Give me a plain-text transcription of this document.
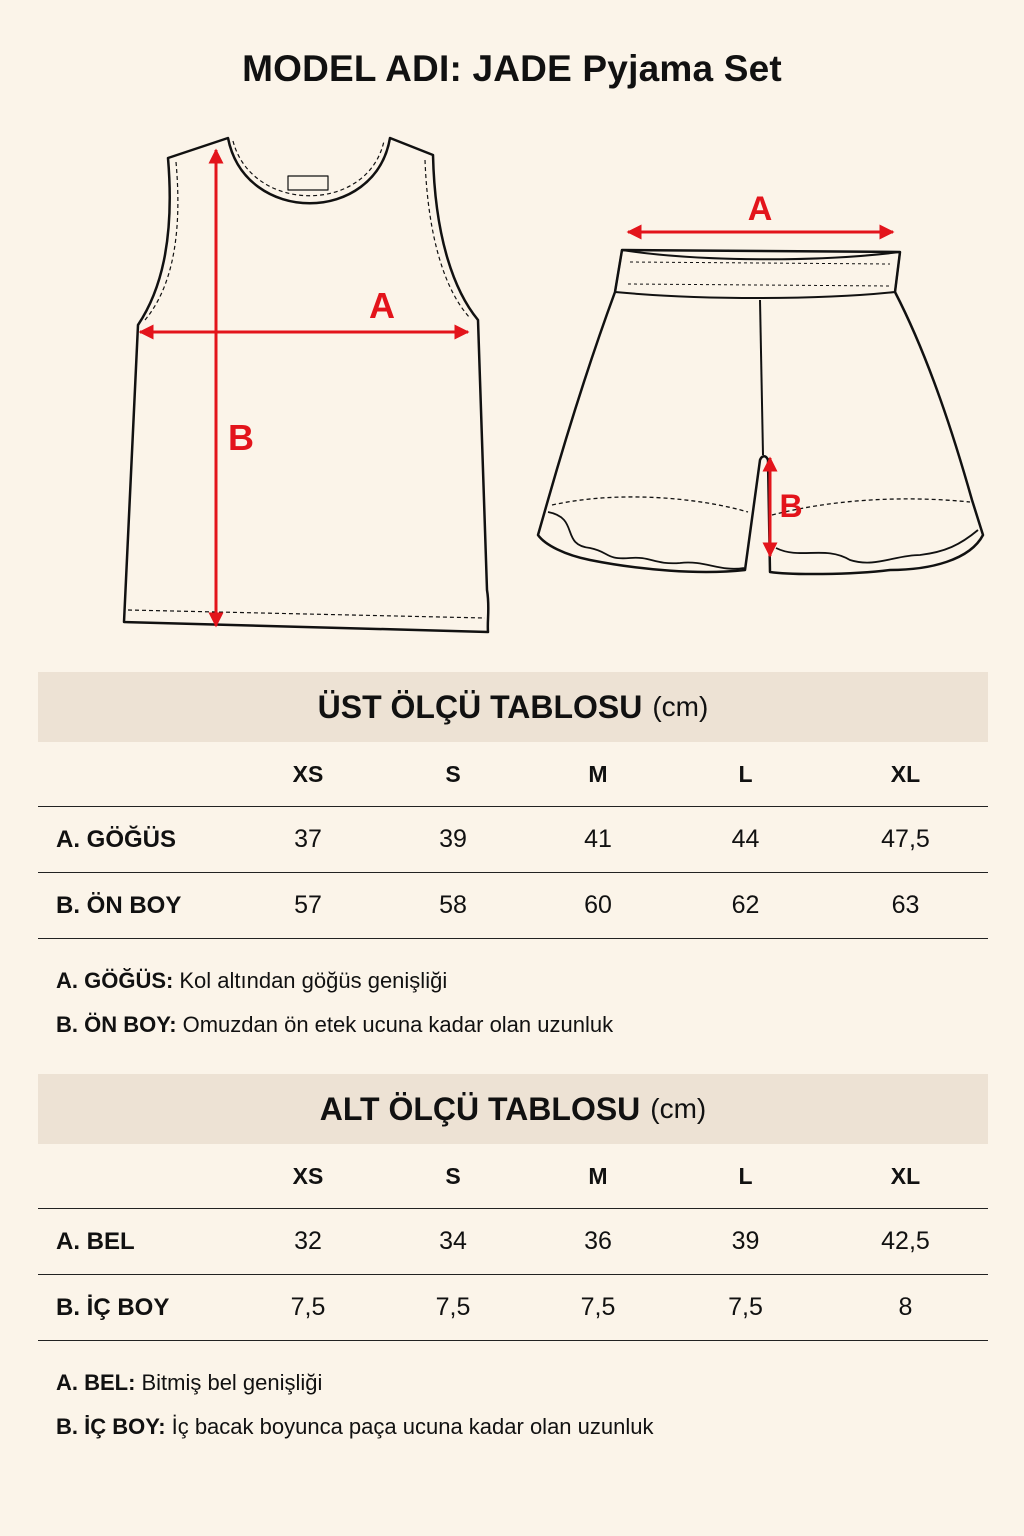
MODEL ADI: JADE Pyjama Set
A
B
A
B
ÜST ÖLÇÜ TABLOSU (cm)
	XS	S	M	L	XL
A. GÖĞÜS	37	39	41	44	47,5
B. ÖN BOY	57	58	60	62	63
A. GÖĞÜS: Kol altından göğüs genişliği
B. ÖN BOY: Omuzdan ön etek ucuna kadar olan uzunluk
ALT ÖLÇÜ TABLOSU (cm)
	XS	S	M	L	XL
A. BEL	32	34	36	39	42,5
B. İÇ BOY	7,5	7,5	7,5	7,5	8
A. BEL: Bitmiş bel genişliği
B. İÇ BOY: İç bacak boyunca paça ucuna kadar olan uzunluk
